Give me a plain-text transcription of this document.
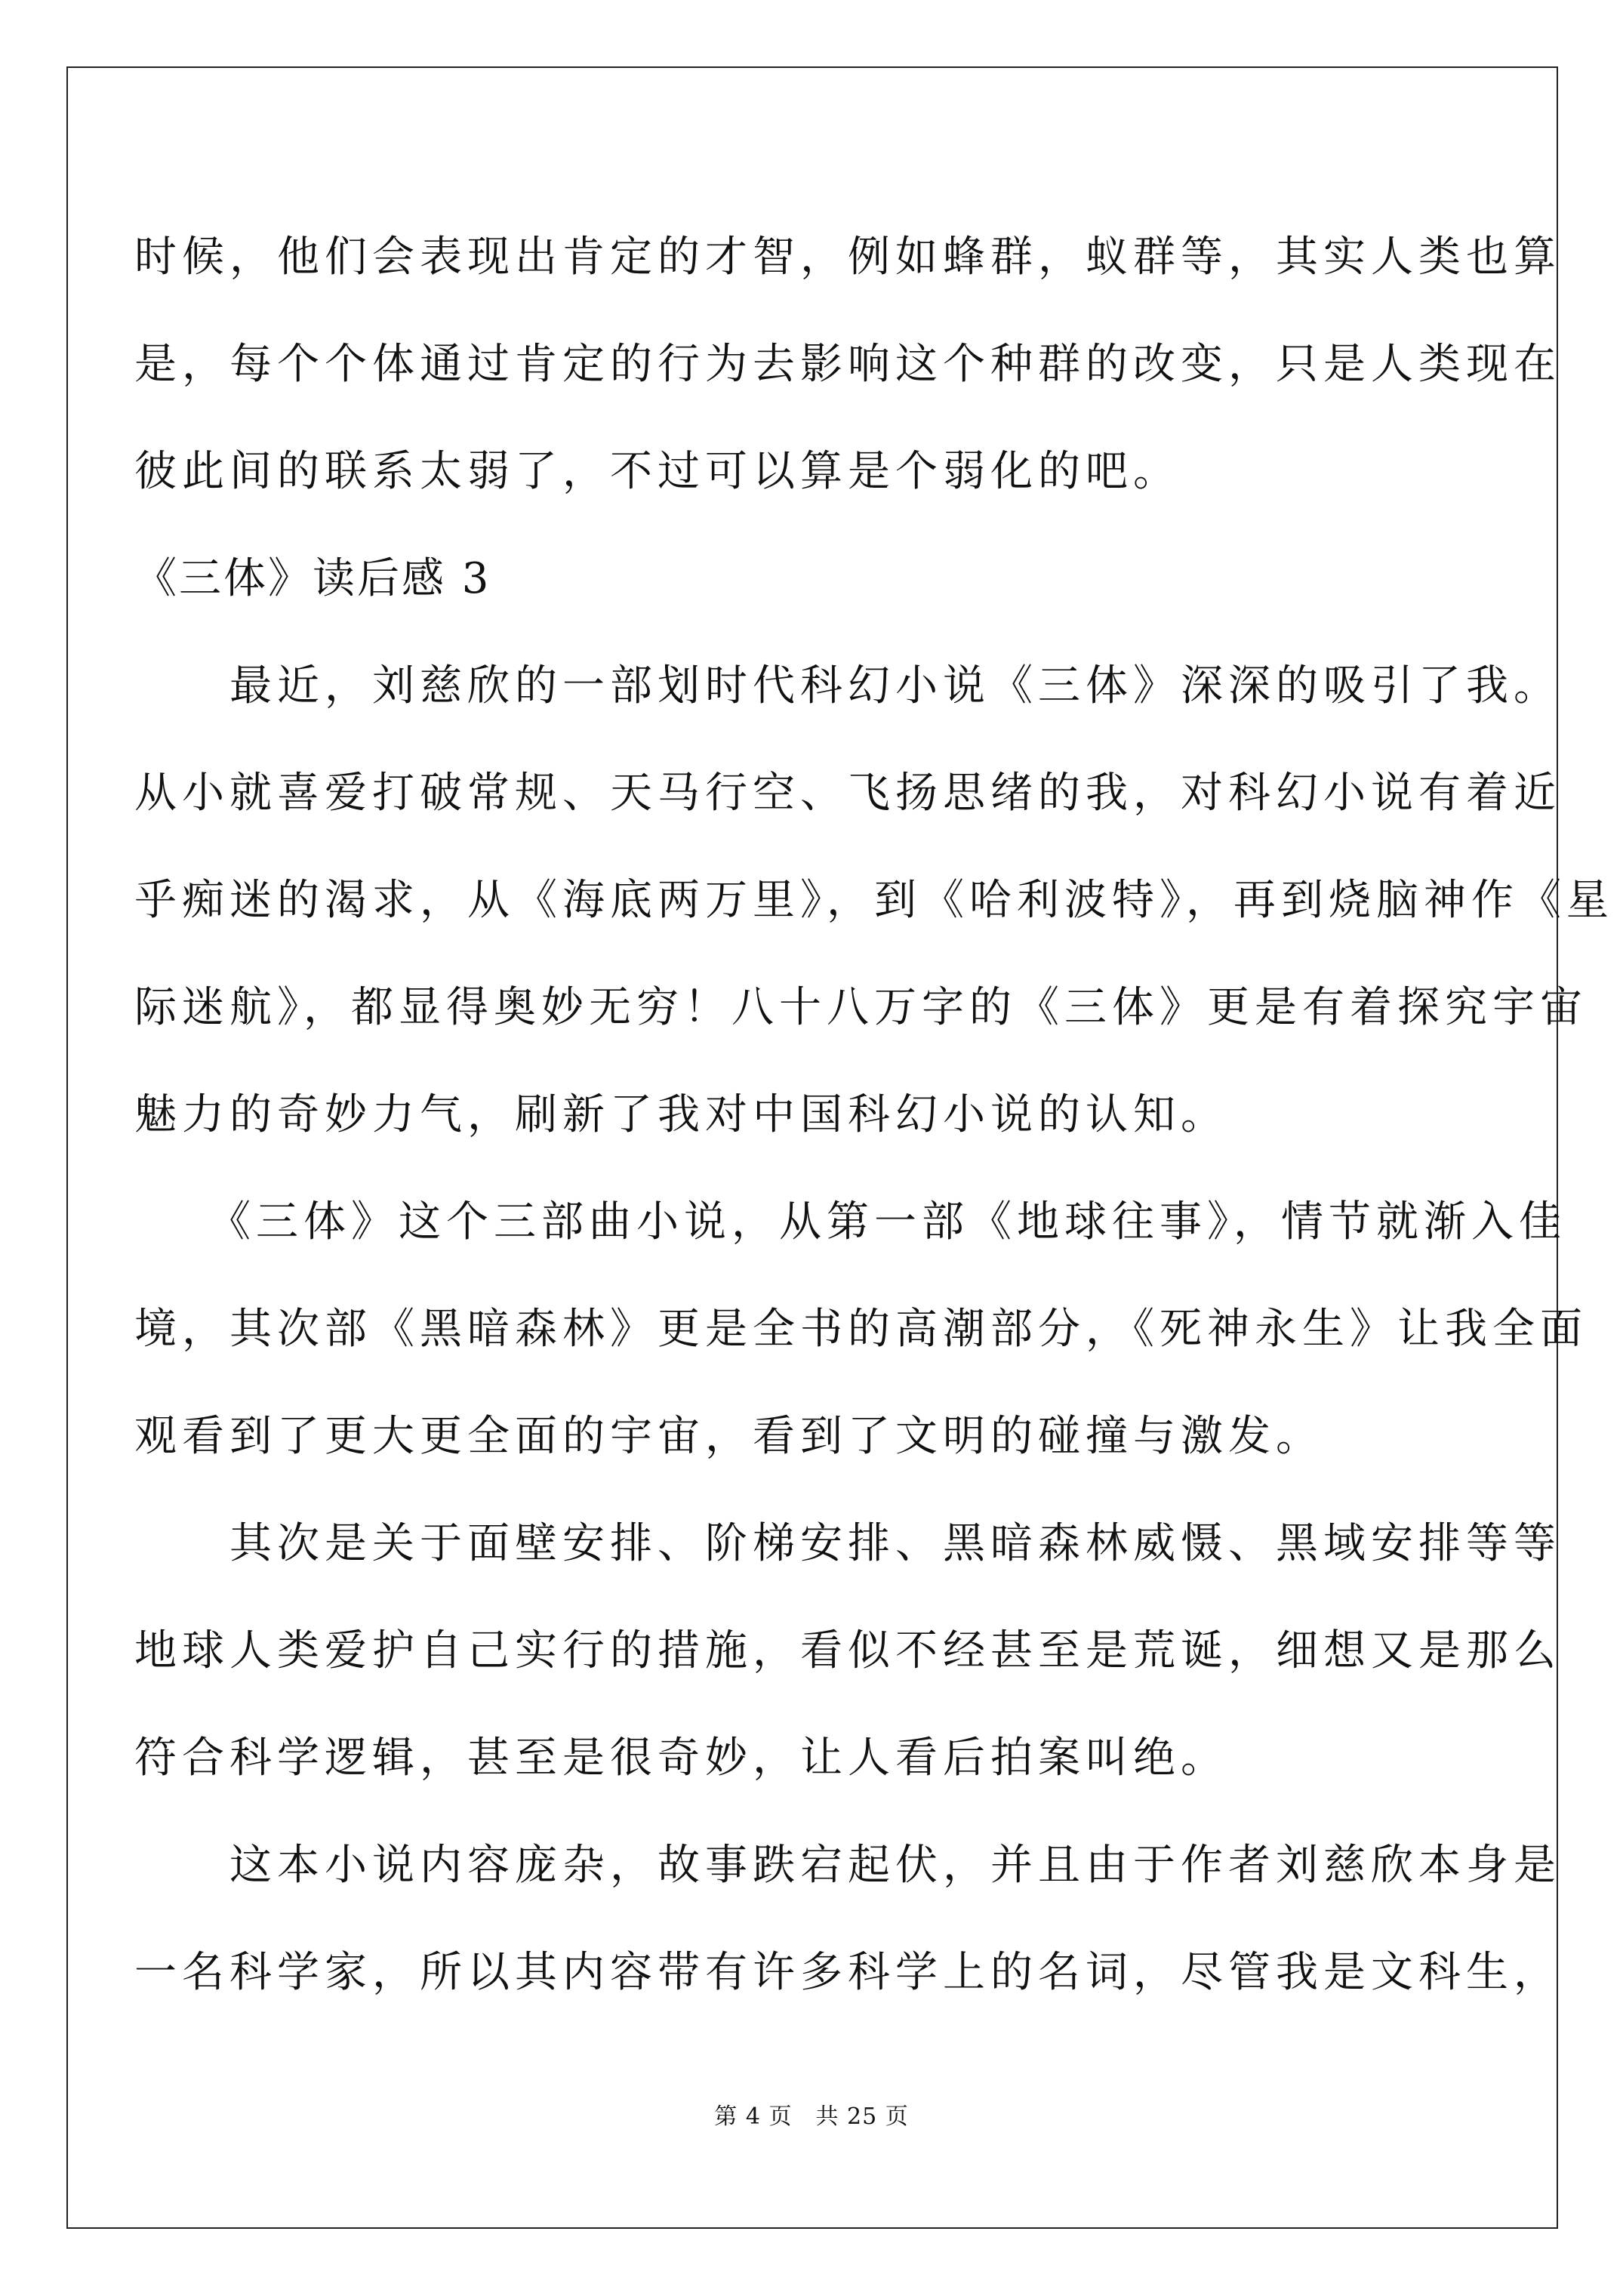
时候，他们会表现出肯定的才智，例如蜂群，蚁群等，其实人类也算
是，每个个体通过肯定的行为去影响这个种群的改变，只是人类现在
彼此间的联系太弱了，不过可以算是个弱化的吧。
《三体》读后感 3
　　最近，刘慈欣的一部划时代科幻小说《三体》深深的吸引了我。
从小就喜爱打破常规、天马行空、飞扬思绪的我，对科幻小说有着近
乎痴迷的渴求，从《海底两万里》，到《哈利波特》，再到烧脑神作《星
际迷航》，都显得奥妙无穷！八十八万字的《三体》更是有着探究宇宙
魅力的奇妙力气，刷新了我对中国科幻小说的认知。
　　《三体》这个三部曲小说，从第一部《地球往事》，情节就渐入佳
境，其次部《黑暗森林》更是全书的高潮部分，《死神永生》让我全面
观看到了更大更全面的宇宙，看到了文明的碰撞与激发。
　　其次是关于面壁安排、阶梯安排、黑暗森林威慑、黑域安排等等
地球人类爱护自己实行的措施，看似不经甚至是荒诞，细想又是那么
符合科学逻辑，甚至是很奇妙，让人看后拍案叫绝。
　　这本小说内容庞杂，故事跌宕起伏，并且由于作者刘慈欣本身是
一名科学家，所以其内容带有许多科学上的名词，尽管我是文科生，
第 4 页　共 25 页
